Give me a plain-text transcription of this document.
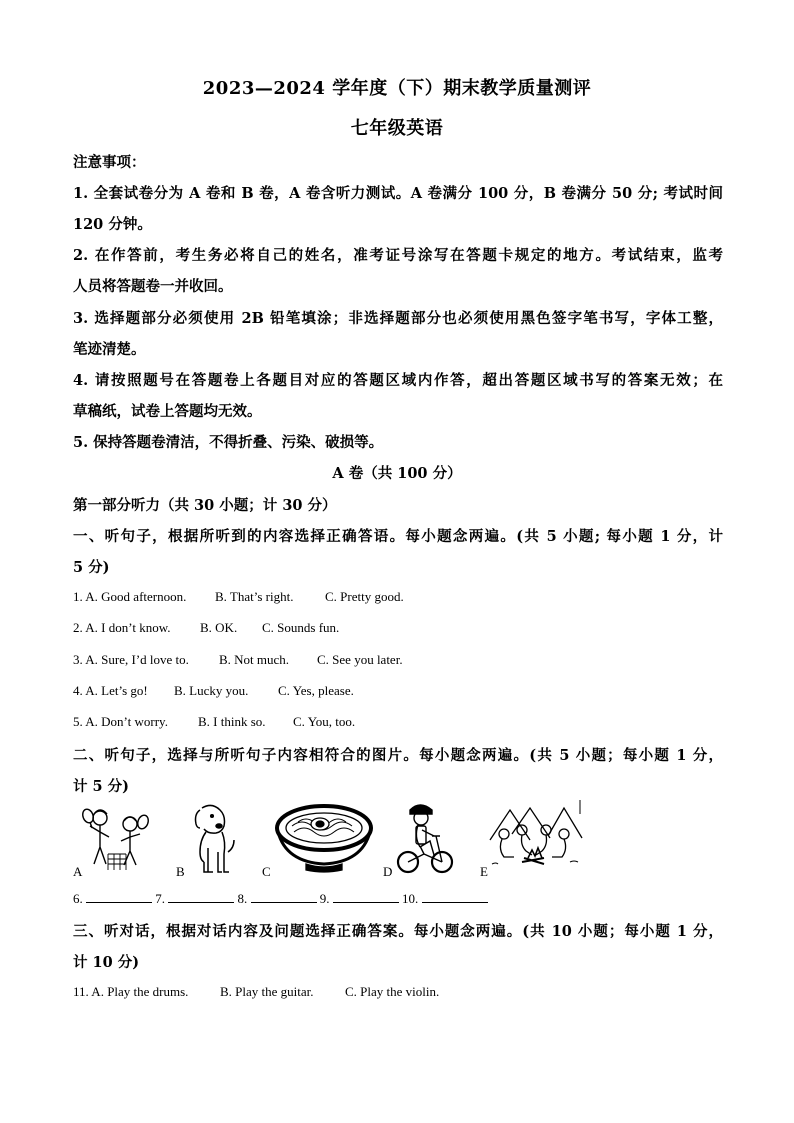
2023—2024 学年度（下）期末教学质量测评
七年级英语
注意事项：
1. 全套试卷分为 A 卷和 B 卷，A 卷含听力测试。A 卷满分 100 分，B 卷满分 50 分; 考试时间
120 分钟。
2. 在作答前，考生务必将自己的姓名，准考证号涂写在答题卡规定的地方。考试结束，监考
人员将答题卷一并收回。
3. 选择题部分必须使用 2B 铅笔填涂；非选择题部分也必须使用黑色签字笔书写，字体工整，
笔迹清楚。
4. 请按照题号在答题卷上各题目对应的答题区域内作答，超出答题区域书写的答案无效；在
草稿纸，试卷上答题均无效。
5. 保持答题卷清洁，不得折叠、污染、破损等。
A 卷（共 100 分）
第一部分听力（共 30 小题；计 30 分）
一、听句子，根据所听到的内容选择正确答语。每小题念两遍。(共 5 小题; 每小题 1 分，计
5 分)
1. A. Good afternoon. B. That’s right. C. Pretty good.
2. A. I don’t know. B. OK. C. Sounds fun.
3. A. Sure, I’d love to. B. Not much. C. See you later.
4. A. Let’s go! B. Lucky you. C. Yes, please.
5. A. Don’t worry. B. I think so. C. You, too.
二、听句子，选择与所听句子内容相符合的图片。每小题念两遍。(共 5 小题；每小题 1 分，
计 5 分)
A	B	C	D	E
6.	7.	8.	9.	10.
三、听对话，根据对话内容及问题选择正确答案。每小题念两遍。(共 10 小题；每小题 1 分，
计 10 分)
11. A. Play the drums. B. Play the guitar. C. Play the violin.
